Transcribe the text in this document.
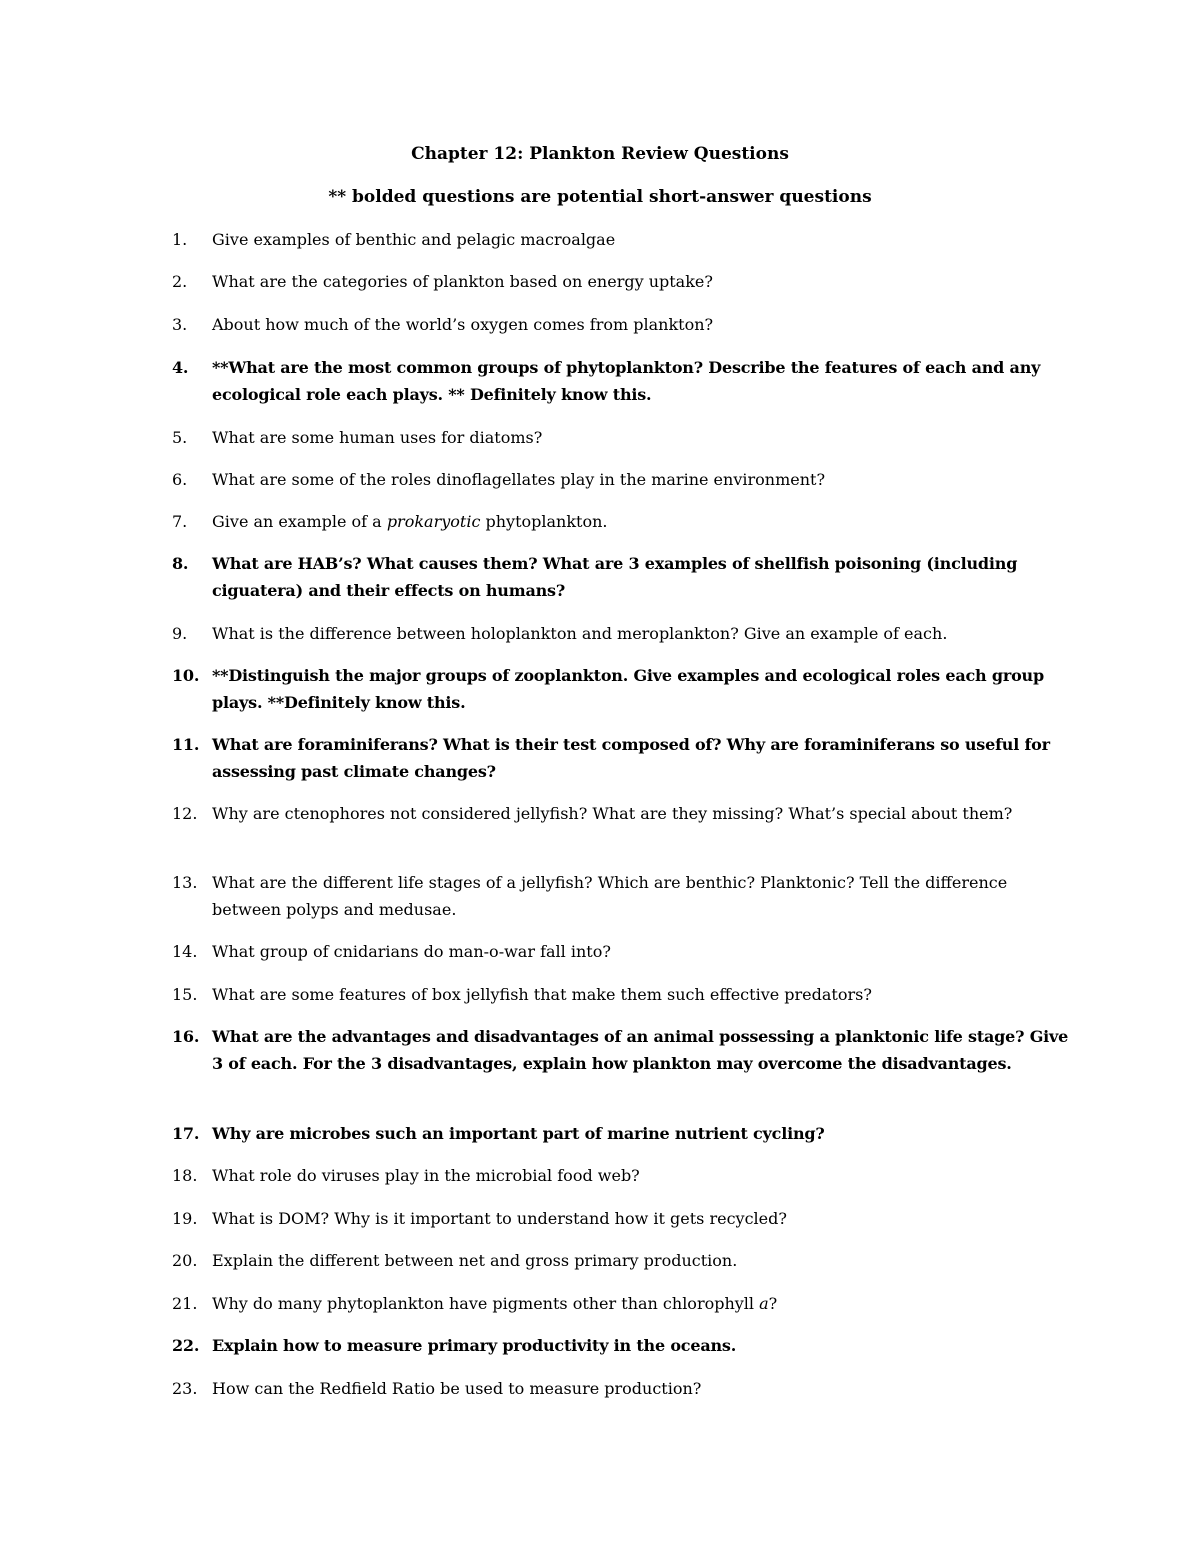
Chapter 12: Plankton Review Questions
** bolded questions are potential short-answer questions
1.	Give examples of benthic and pelagic macroalgae
2.	What are the categories of plankton based on energy uptake?
3.	About how much of the world’s oxygen comes from plankton?
4.	**What are the most common groups of phytoplankton? Describe the features of each and any ecological role each plays. ** Definitely know this.
5.	What are some human uses for diatoms?
6.	What are some of the roles dinoflagellates play in the marine environment?
7.	Give an example of a prokaryotic phytoplankton.
8.	What are HAB’s? What causes them? What are 3 examples of shellfish poisoning (including ciguatera) and their effects on humans?
9.	What is the difference between holoplankton and meroplankton? Give an example of each.
10. **Distinguish the major groups of zooplankton. Give examples and ecological roles each group plays. **Definitely know this.
11. What are foraminiferans? What is their test composed of? Why are foraminiferans so useful for assessing past climate changes?
12. Why are ctenophores not considered jellyfish? What are they missing? What’s special about them?
13. What are the different life stages of a jellyfish? Which are benthic? Planktonic? Tell the difference between polyps and medusae.
14. What group of cnidarians do man-o-war fall into?
15. What are some features of box jellyfish that make them such effective predators?
16. What are the advantages and disadvantages of an animal possessing a planktonic life stage? Give 3 of each. For the 3 disadvantages, explain how plankton may overcome the disadvantages.
17. Why are microbes such an important part of marine nutrient cycling?
18. What role do viruses play in the microbial food web?
19. What is DOM? Why is it important to understand how it gets recycled?
20. Explain the different between net and gross primary production.
21. Why do many phytoplankton have pigments other than chlorophyll a?
22. Explain how to measure primary productivity in the oceans.
23. How can the Redfield Ratio be used to measure production?
